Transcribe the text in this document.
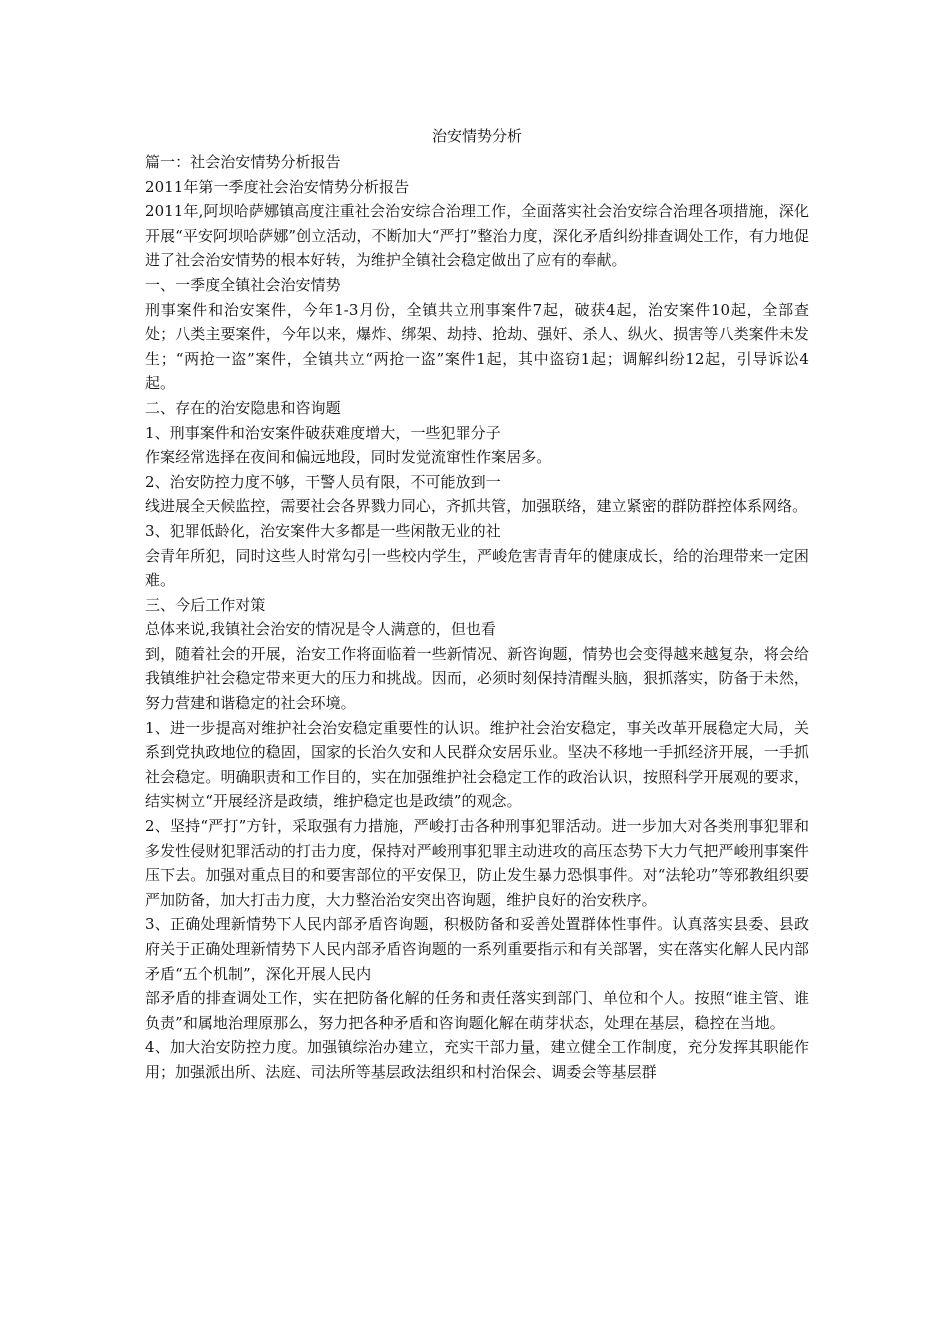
治安情势分析

篇一：社会治安情势分析报告

2011年第一季度社会治安情势分析报告

2011年,阿坝哈萨娜镇高度注重社会治安综合治理工作，全面落实社会治安综合治理各项措施，深化开展“平安阿坝哈萨娜”创立活动，不断加大“严打”整治力度，深化矛盾纠纷排查调处工作，有力地促进了社会治安情势的根本好转，为维护全镇社会稳定做出了应有的奉献。

一、一季度全镇社会治安情势

刑事案件和治安案件，今年1-3月份，全镇共立刑事案件7起，破获4起，治安案件10起，全部查处；八类主要案件，今年以来，爆炸、绑架、劫持、抢劫、强奸、杀人、纵火、损害等八类案件未发生；“两抢一盗”案件，全镇共立“两抢一盗”案件1起，其中盗窃1起；调解纠纷12起，引导诉讼4起。

二、存在的治安隐患和咨询题

1、刑事案件和治安案件破获难度增大，一些犯罪分子

作案经常选择在夜间和偏远地段，同时发觉流窜性作案居多。

2、治安防控力度不够，干警人员有限，不可能放到一

线进展全天候监控，需要社会各界戮力同心，齐抓共管，加强联络，建立紧密的群防群控体系网络。

3、犯罪低龄化，治安案件大多都是一些闲散无业的社

会青年所犯，同时这些人时常勾引一些校内学生，严峻危害青青年的健康成长，给的治理带来一定困难。

三、今后工作对策

总体来说,我镇社会治安的情况是令人满意的，但也看

到，随着社会的开展，治安工作将面临着一些新情况、新咨询题，情势也会变得越来越复杂，将会给我镇维护社会稳定带来更大的压力和挑战。因而，必须时刻保持清醒头脑，狠抓落实，防备于未然，努力营建和谐稳定的社会环境。

1、进一步提高对维护社会治安稳定重要性的认识。维护社会治安稳定，事关改革开展稳定大局，关系到党执政地位的稳固，国家的长治久安和人民群众安居乐业。坚决不移地一手抓经济开展，一手抓社会稳定。明确职责和工作目的，实在加强维护社会稳定工作的政治认识，按照科学开展观的要求，结实树立“开展经济是政绩，维护稳定也是政绩”的观念。

2、坚持“严打”方针，采取强有力措施，严峻打击各种刑事犯罪活动。进一步加大对各类刑事犯罪和多发性侵财犯罪活动的打击力度，保持对严峻刑事犯罪主动进攻的高压态势下大力气把严峻刑事案件压下去。加强对重点目的和要害部位的平安保卫，防止发生暴力恐惧事件。对“法轮功”等邪教组织要严加防备，加大打击力度，大力整治治安突出咨询题，维护良好的治安秩序。

3、正确处理新情势下人民内部矛盾咨询题，积极防备和妥善处置群体性事件。认真落实县委、县政府关于正确处理新情势下人民内部矛盾咨询题的一系列重要指示和有关部署，实在落实化解人民内部矛盾“五个机制”，深化开展人民内

部矛盾的排查调处工作，实在把防备化解的任务和责任落实到部门、单位和个人。按照“谁主管、谁负责”和属地治理原那么，努力把各种矛盾和咨询题化解在萌芽状态，处理在基层，稳控在当地。

4、加大治安防控力度。加强镇综治办建立，充实干部力量，建立健全工作制度，充分发挥其职能作用；加强派出所、法庭、司法所等基层政法组织和村治保会、调委会等基层群
